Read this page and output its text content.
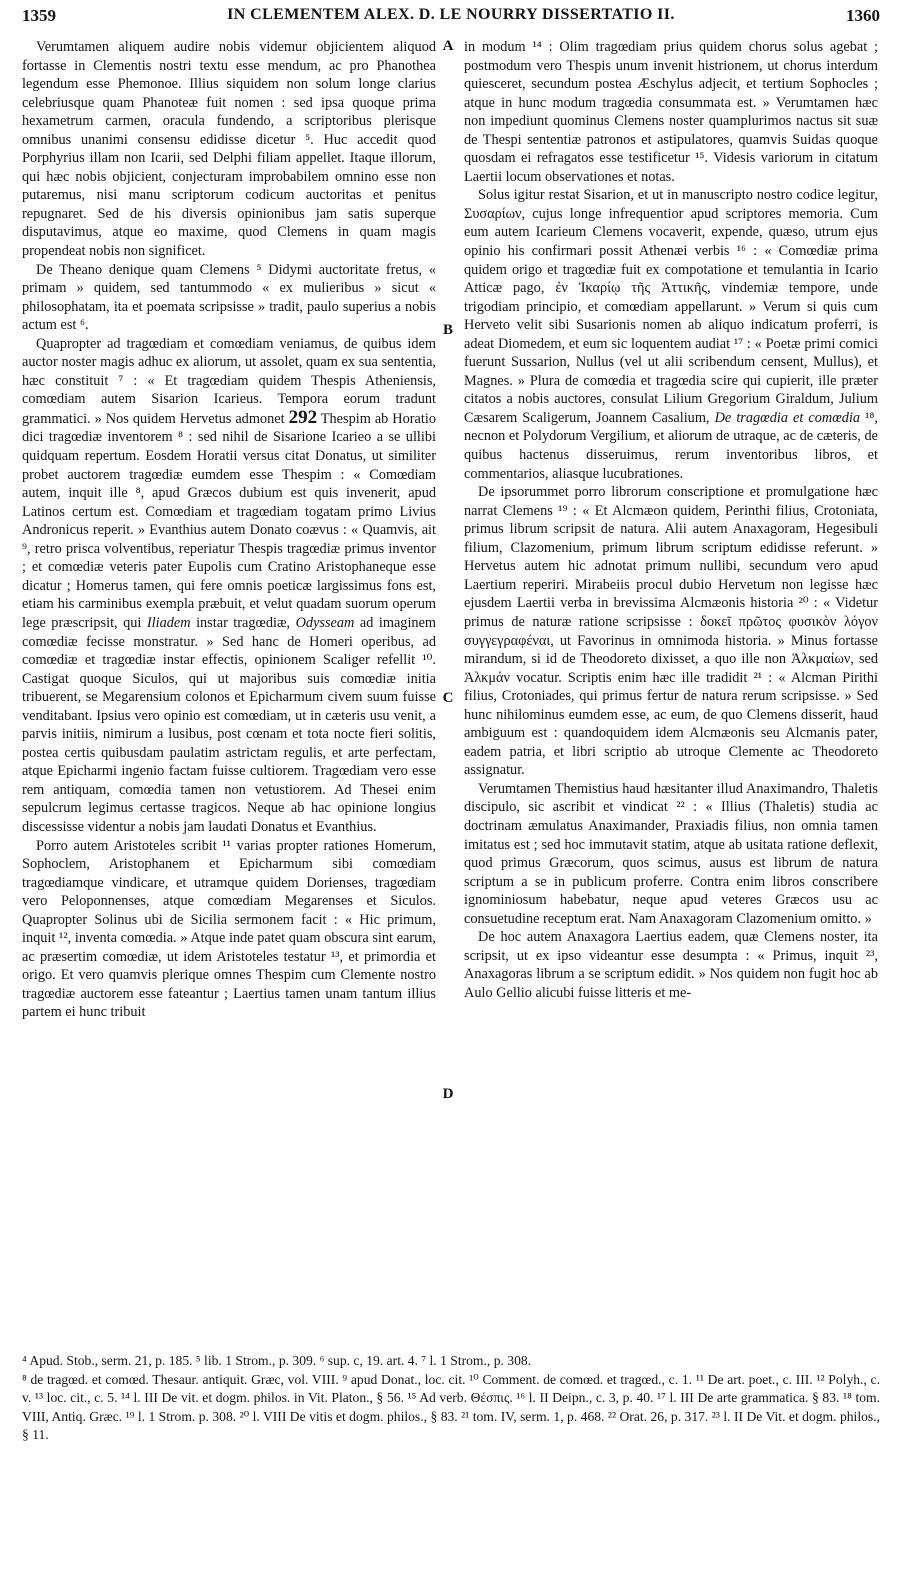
1359	IN CLEMENTEM ALEX. D. LE NOURRY DISSERTATIO II.	1360

Verumtamen aliquem audire nobis videmur objicientem aliquod fortasse in Clementis nostri textu esse mendum, ac pro Phanothea legendum esse Phemonoe. Illius siquidem non solum longe clarius celebriusque quam Phanoteæ fuit nomen : sed ipsa quoque prima hexametrum carmen, oracula fundendo, a scriptoribus plerisque omnibus unanimi consensu edidisse dicetur ⁵. Huc accedit quod Porphyrius illam non Icarii, sed Delphi filiam appellet. Itaque illorum, qui hæc nobis objicient, conjecturam improbabilem omnino esse non putaremus, nisi manu scriptorum codicum auctoritas et penitus repugnaret. Sed de his diversis opinionibus jam satis superque disputavimus, atque eo maxime, quod Clemens in quam magis propendeat nobis non significet.

De Theano denique quam Clemens ⁵ Didymi auctoritate fretus, « primam » quidem, sed tantummodo « ex mulieribus » sicut « philosophatam, ita et poemata scripsisse » tradit, paulo superius a nobis actum est ⁶.

Quapropter ad tragœdiam et comœdiam veniamus, de quibus idem auctor noster magis adhuc ex aliorum, ut assolet, quam ex sua sententia, hæc constituit ⁷ : « Et tragœdiam quidem Thespis Atheniensis, comœdiam autem Sisarion Icarieus. Tempora eorum tradunt grammatici. » Nos quidem Hervetus admonet 292 Thespim ab Horatio dici tragœdiæ inventorem ⁸ : sed nihil de Sisarione Icarieo a se ullibi quidquam repertum. Eosdem Horatii versus citat Donatus, ut similiter probet auctorem tragœdiæ eumdem esse Thespim : « Comœdiam autem, inquit ille ⁸, apud Græcos dubium est quis invenerit, apud Latinos certum est. Comœdiam et tragœdiam togatam primo Livius Andronicus reperit. » Evanthius autem Donato coævus : « Quamvis, ait ⁹, retro prisca volventibus, reperiatur Thespis tragœdiæ primus inventor ; et comœdiæ veteris pater Eupolis cum Cratino Aristophaneque esse dicatur ; Homerus tamen, qui fere omnis poeticæ largissimus fons est, etiam his carminibus exempla præbuit, et velut quadam suorum operum lege præscripsit, qui Iliadem instar tragœdiæ, Odysseam ad imaginem comœdiæ fecisse monstratur. » Sed hanc de Homeri operibus, ad comœdiæ et tragœdiæ instar effectis, opinionem Scaliger refellit ¹⁰. Castigat quoque Siculos, qui ut majoribus suis comœdiæ initia tribuerent, se Megarensium colonos et Epicharmum civem suum fuisse venditabant. Ipsius vero opinio est comœdiam, ut in cæteris usu venit, a parvis initiis, nimirum a lusibus, post cœnam et tota nocte fieri solitis, postea certis quibusdam paulatim astrictam regulis, et arte perfectam, atque Epicharmi ingenio factam fuisse cultiorem. Tragœdiam vero esse rem antiquam, comœdia tamen non vetustiorem. Ad Thesei enim sepulcrum legimus certasse tragicos. Neque ab hac opinione longius discessisse videntur a nobis jam laudati Donatus et Evanthius.

Porro autem Aristoteles scribit ¹¹ varias propter rationes Homerum, Sophoclem, Aristophanem et Epicharmum sibi comœdiam tragœdiamque vindicare, et utramque quidem Dorienses, tragœdiam vero Peloponnenses, atque comœdiam Megarenses et Siculos. Quapropter Solinus ubi de Sicilia sermonem facit : « Hic primum, inquit ¹², inventa comœdia. » Atque inde patet quam obscura sint earum, ac præsertim comœdiæ, ut idem Aristoteles testatur ¹³, et primordia et origo. Et vero quamvis plerique omnes Thespim cum Clemente nostro tragœdiæ auctorem esse fateantur ; Laertius tamen unam tantum illius partem ei hunc tribuit

A
B
C
D

in modum ¹⁴ : Olim tragœdiam prius quidem chorus solus agebat ; postmodum vero Thespis unum invenit histrionem, ut chorus interdum quiesceret, secundum postea Æschylus adjecit, et tertium Sophocles ; atque in hunc modum tragœdia consummata est. » Verumtamen hæc non impediunt quominus Clemens noster quamplurimos nactus sit suæ de Thespi sententiæ patronos et astipulatores, quamvis Suidas quoque quosdam ei refragatos esse testificetur ¹⁵. Videsis variorum in citatum Laertii locum observationes et notas.

Solus igitur restat Sisarion, et ut in manuscripto nostro codice legitur, Συσαρίων, cujus longe infrequentior apud scriptores memoria. Cum eum autem Icarieum Clemens vocaverit, expende, quæso, utrum ejus opinio his confirmari possit Athenæi verbis ¹⁶ : « Comœdiæ prima quidem origo et tragœdiæ fuit ex compotatione et temulantia in Icario Atticæ pago, ἐν Ἰκαρίῳ τῆς Ἀττικῆς, vindemiæ tempore, unde trigodiam principio, et comœdiam appellarunt. » Verum si quis cum Herveto velit sibi Susarionis nomen ab aliquo indicatum proferri, is adeat Diomedem, et eum sic loquentem audiat ¹⁷ : « Poetæ primi comici fuerunt Sussarion, Nullus (vel ut alii scribendum censent, Mullus), et Magnes. » Plura de comœdia et tragœdia scire qui cupierit, ille præter citatos a nobis auctores, consulat Lilium Gregorium Giraldum, Julium Cæsarem Scaligerum, Joannem Casalium, De tragœdia et comœdia ¹⁸, necnon et Polydorum Vergilium, et aliorum de utraque, ac de cæteris, de quibus hactenus disseruimus, rerum inventoribus libros, et commentarios, aliasque lucubrationes.

De ipsorummet porro librorum conscriptione et promulgatione hæc narrat Clemens ¹⁹ : « Et Alcmæon quidem, Perinthi filius, Crotoniata, primus librum scripsit de natura. Alii autem Anaxagoram, Hegesibuli filium, Clazomenium, primum librum scriptum edidisse referunt. » Hervetus autem hic adnotat primum nullibi, secundum vero apud Laertium reperiri. Mirabeiis procul dubio Hervetum non legisse hæc ejusdem Laertii verba in brevissima Alcmæonis historia ²⁰ : « Videtur primus de naturæ ratione scripsisse : δοκεῖ πρῶτος φυσικὸν λόγον συγγεγραφέναι, ut Favorinus in omnimoda historia. » Minus fortasse mirandum, si id de Theodoreto dixisset, a quo ille non Ἀλκμαίων, sed Ἀλκμάν vocatur. Scriptis enim hæc ille tradidit ²¹ : « Alcman Pirithi filius, Crotoniades, qui primus fertur de natura rerum scripsisse. » Sed hunc nihilominus eumdem esse, ac eum, de quo Clemens disserit, haud ambiguum est : quandoquidem idem Alcmæonis seu Alcmanis pater, eadem patria, et libri scriptio ab utroque Clemente ac Theodoreto assignatur.

Verumtamen Themistius haud hæsitanter illud Anaximandro, Thaletis discipulo, sic ascribit et vindicat ²² : « Illius (Thaletis) studia ac doctrinam æmulatus Anaximander, Praxiadis filius, non omnia tamen imitatus est ; sed hoc immutavit statim, atque ab usitata ratione deflexit, quod primus Græcorum, quos scimus, ausus est librum de natura scriptum a se in publicum proferre. Contra enim libros conscribere ignominiosum habebatur, neque apud veteres Græcos usu ac consuetudine receptum erat. Nam Anaxagoram Clazomenium omitto. »

De hoc autem Anaxagora Laertius eadem, quæ Clemens noster, ita scripsit, ut ex ipso videantur esse desumpta : « Primus, inquit ²³, Anaxagoras librum a se scriptum edidit. » Nos quidem non fugit hoc ab Aulo Gellio alicubi fuisse litteris et me-

⁴ Apud. Stob., serm. 21, p. 185. ⁵ lib. 1 Strom., p. 309. ⁶ sup. c, 19. art. 4. ⁷ l. 1 Strom., p. 308.

⁸ de tragœd. et comœd. Thesaur. antiquit. Græc, vol. VIII. ⁹ apud Donat., loc. cit. ¹⁰ Comment. de comœd. et tragœd., c. 1. ¹¹ De art. poet., c. III. ¹² Polyh., c. v. ¹³ loc. cit., c. 5. ¹⁴ l. III De vit. et dogm. philos. in Vit. Platon., § 56. ¹⁵ Ad verb. Θέσπις. ¹⁶ l. II Deipn., c. 3, p. 40. ¹⁷ l. III De arte grammatica. § 83. ¹⁸ tom. VIII, Antiq. Græc. ¹⁹ l. 1 Strom. p. 308. ²⁰ l. VIII De vitis et dogm. philos., § 83. ²¹ tom. IV, serm. 1, p. 468. ²² Orat. 26, p. 317. ²³ l. II De Vit. et dogm. philos., § 11.
